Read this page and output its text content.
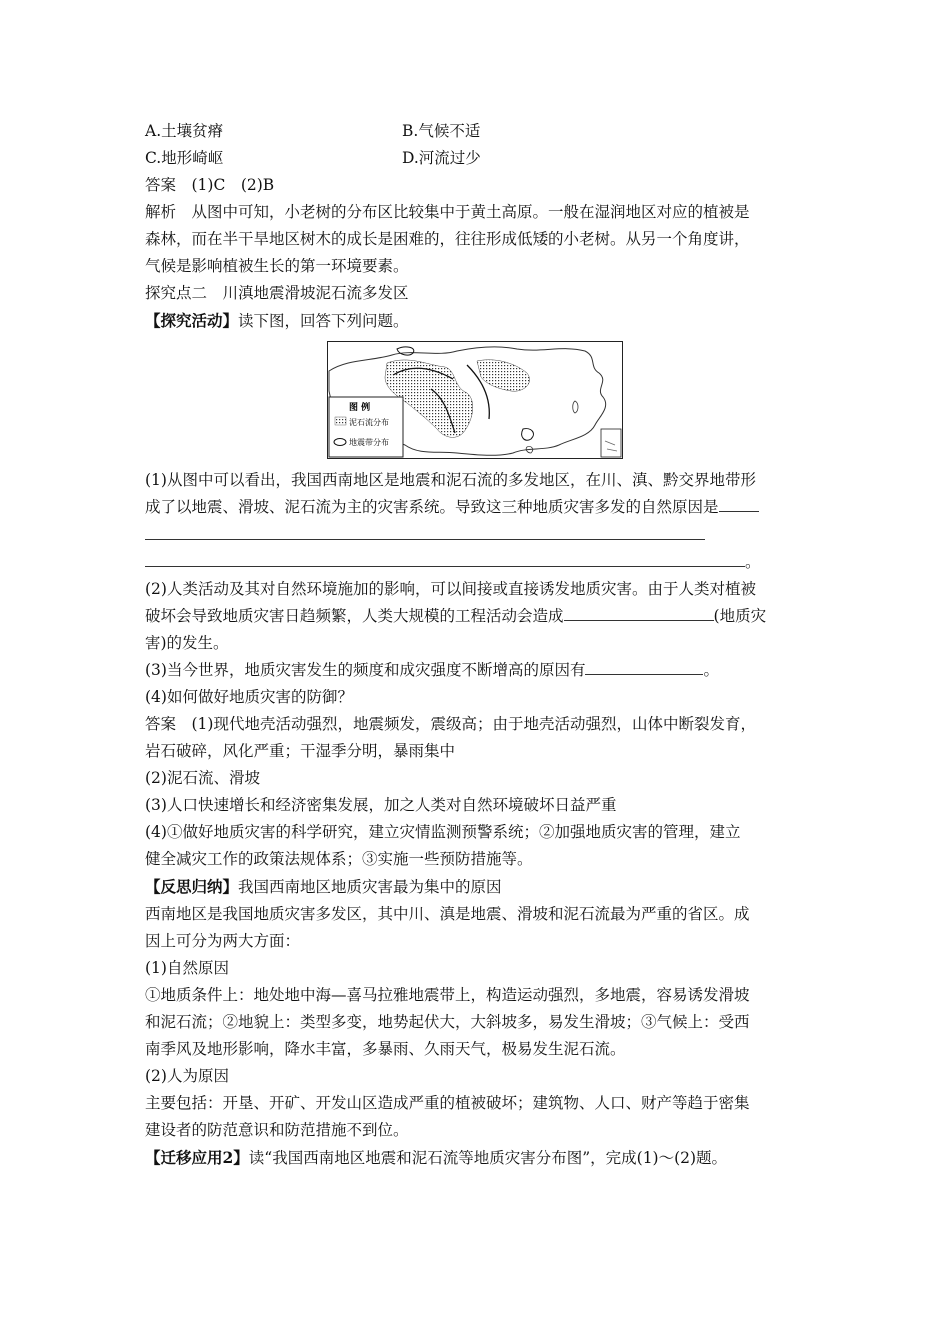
A.土壤贫瘠	B.气候不适
C.地形崎岖	D.河流过少
答案　(1)C　(2)B
解析　从图中可知，小老树的分布区比较集中于黄土高原。一般在湿润地区对应的植被是
森林，而在半干旱地区树木的成长是困难的，往往形成低矮的小老树。从另一个角度讲，
气候是影响植被生长的第一环境要素。
探究点二　川滇地震滑坡泥石流多发区
【探究活动】读下图，回答下列问题。
图 例
泥石流分布
地震带分布
(1)从图中可以看出，我国西南地区是地震和泥石流的多发地区，在川、滇、黔交界地带形
成了以地震、滑坡、泥石流为主的灾害系统。导致这三种地质灾害多发的自然原因是
。
(2)人类活动及其对自然环境施加的影响，可以间接或直接诱发地质灾害。由于人类对植被
破坏会导致地质灾害日趋频繁，人类大规模的工程活动会造成	(地质灾
害)的发生。
(3)当今世界，地质灾害发生的频度和成灾强度不断增高的原因有	。
(4)如何做好地质灾害的防御？
答案　(1)现代地壳活动强烈，地震频发，震级高；由于地壳活动强烈，山体中断裂发育，
岩石破碎，风化严重；干湿季分明，暴雨集中
(2)泥石流、滑坡
(3)人口快速增长和经济密集发展，加之人类对自然环境破坏日益严重
(4)①做好地质灾害的科学研究，建立灾情监测预警系统；②加强地质灾害的管理，建立
健全减灾工作的政策法规体系；③实施一些预防措施等。
【反思归纳】我国西南地区地质灾害最为集中的原因
西南地区是我国地质灾害多发区，其中川、滇是地震、滑坡和泥石流最为严重的省区。成
因上可分为两大方面：
(1)自然原因
①地质条件上：地处地中海—喜马拉雅地震带上，构造运动强烈，多地震，容易诱发滑坡
和泥石流；②地貌上：类型多变，地势起伏大，大斜坡多，易发生滑坡；③气候上：受西
南季风及地形影响，降水丰富，多暴雨、久雨天气，极易发生泥石流。
(2)人为原因
主要包括：开垦、开矿、开发山区造成严重的植被破坏；建筑物、人口、财产等趋于密集
建设者的防范意识和防范措施不到位。
【迁移应用2】读“我国西南地区地震和泥石流等地质灾害分布图”，完成(1)～(2)题。
